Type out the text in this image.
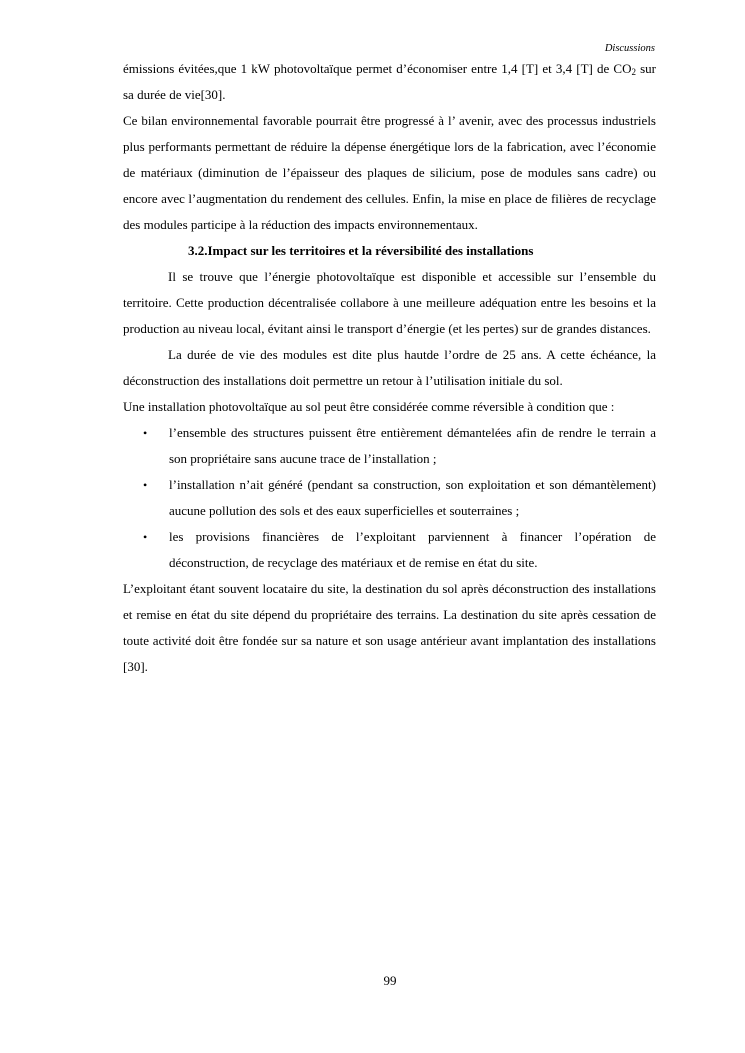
Discussions

émissions évitées,que 1 kW photovoltaïque permet d’économiser entre 1,4 [T] et 3,4 [T] de $CO_2$ sur sa durée de vie[30].

Ce bilan environnemental favorable pourrait être progressé à l’ avenir, avec des processus industriels plus performants permettant de réduire la dépense énergétique lors de la fabrication, avec l’économie de matériaux (diminution de l’épaisseur des plaques de silicium, pose de modules sans cadre) ou encore avec l’augmentation du rendement des cellules. Enfin, la mise en place de filières de recyclage des modules participe à la réduction des impacts environnementaux.

3.2.Impact sur les territoires et la réversibilité des installations

Il se trouve que l’énergie photovoltaïque est disponible et accessible sur l’ensemble du territoire. Cette production décentralisée collabore à une meilleure adéquation entre les besoins et la production au niveau local, évitant ainsi le transport d’énergie (et les pertes) sur de grandes distances.

La durée de vie des modules est dite plus hautde l’ordre de 25 ans. A cette échéance, la déconstruction des installations doit permettre un retour à l’utilisation initiale du sol.

Une installation photovoltaïque au sol peut être considérée comme réversible à condition que :

• l’ensemble des structures puissent être entièrement démantelées afin de rendre le terrain a son propriétaire sans aucune trace de l’installation ;
• l’installation n’ait généré (pendant sa construction, son exploitation et son démantèlement) aucune pollution des sols et des eaux superficielles et souterraines ;
• les provisions financières de l’exploitant parviennent à financer l’opération de déconstruction, de recyclage des matériaux et de remise en état du site.

L’exploitant étant souvent locataire du site, la destination du sol après déconstruction des installations et remise en état du site dépend du propriétaire des terrains. La destination du site après cessation de toute activité doit être fondée sur sa nature et son usage antérieur avant implantation des installations [30].

99
